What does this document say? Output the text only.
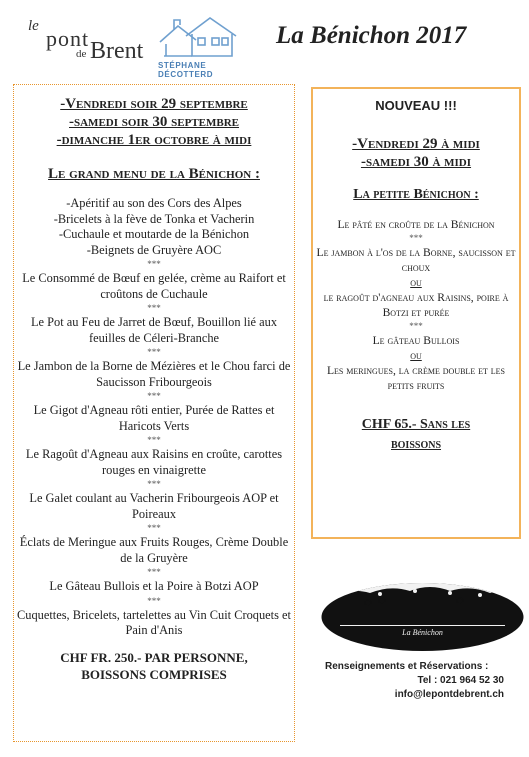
le pont
de Brent
STÉPHANE DÉCOTTERD
La Bénichon 2017
-Vendredi soir 29 septembre
-samedi soir 30 septembre
-dimanche 1er octobre à midi
Le grand menu de la Bénichon :
-Apéritif au son des Cors des Alpes
-Bricelets à la fève de Tonka et Vacherin
-Cuchaule et moutarde de la Bénichon
-Beignets de Gruyère AOC
***
Le Consommé de Bœuf en gelée, crème au Raifort et croûtons de Cuchaule
***
Le Pot au Feu de Jarret de Bœuf, Bouillon lié aux feuilles de Céleri-Branche
***
Le Jambon de la Borne de Mézières et le Chou farci de Saucisson Fribourgeois
***
Le Gigot d'Agneau rôti entier, Purée de Rattes et Haricots Verts
***
Le Ragoût d'Agneau aux Raisins en croûte, carottes rouges en vinaigrette
***
Le Galet coulant au Vacherin Fribourgeois AOP et Poireaux
***
Éclats de Meringue aux Fruits Rouges, Crème Double de la Gruyère
***
Le Gâteau Bullois et la Poire à Botzi AOP
***
Cuquettes, Bricelets, tartelettes au Vin Cuit Croquets et Pain d'Anis
CHF FR. 250.- PAR PERSONNE,
BOISSONS COMPRISES
NOUVEAU !!!
-Vendredi 29 à midi
-samedi 30 à midi
La petite Bénichon :
Le pâté en croûte de la Bénichon
***
Le jambon à l'os de la Borne, saucisson et choux
ou
le ragoût d'agneau aux Raisins, poire à Botzi et purée
***
Le gâteau Bullois
ou
Les meringues, la crème double et les petits fruits
CHF 65.- Sans les
boissons
La Bénichon
Renseignements et Réservations :
Tel : 021 964 52 30
info@lepontdebrent.ch
